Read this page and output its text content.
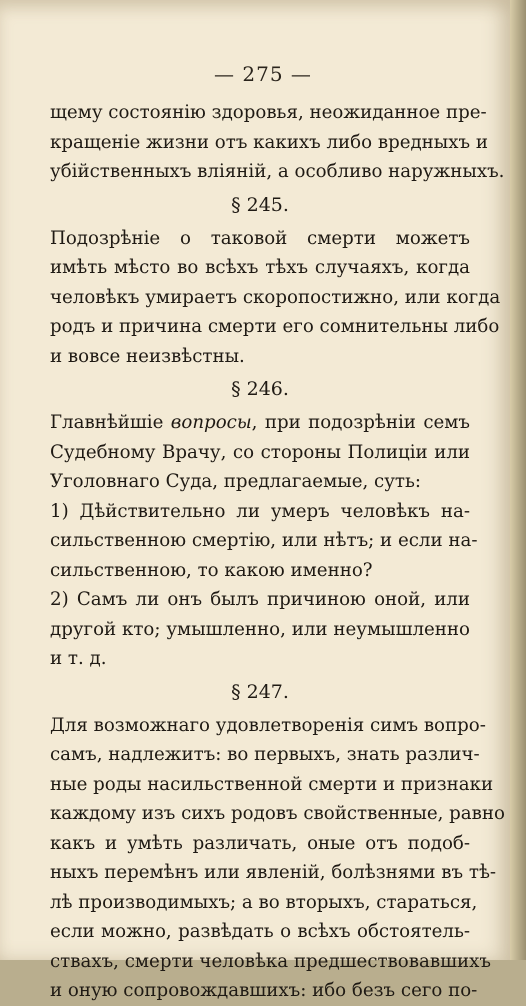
— 275 —
щему состоянію здоровья, неожиданное пре-
кращеніе жизни отъ какихъ либо вредныхъ и
убійственныхъ вліяній, а особливо наружныхъ.
§ 245.
Подозрѣніе о таковой смерти можетъ
имѣть мѣсто во всѣхъ тѣхъ случаяхъ, когда
человѣкъ умираетъ скоропостижно, или когда
родъ и причина смерти его сомнительны либо
и вовсе неизвѣстны.
§ 246.
Главнѣйшіе вопросы, при подозрѣніи семъ
Судебному Врачу, со стороны Полиціи или
Уголовнаго Суда, предлагаемые, суть:
1) Дѣйствительно ли умеръ человѣкъ на-
сильственною смертію, или нѣтъ; и если на-
сильственною, то какою именно?
2) Самъ ли онъ былъ причиною оной, или
другой кто; умышленно, или неумышленно
и т. д.
§ 247.
Для возможнаго удовлетворенія симъ вопро-
самъ, надлежитъ: во первыхъ, знать различ-
ные роды насильственной смерти и признаки
каждому изъ сихъ родовъ свойственные, равно
какъ и умѣть различать, оные отъ подоб-
ныхъ перемѣнъ или явленій, болѣзнями въ тѣ-
лѣ производимыхъ; а во вторыхъ, стараться,
если можно, развѣдать о всѣхъ обстоятель-
ствахъ, смерти человѣка предшествовавшихъ
и оную сопровождавшихъ: ибо безъ сего по-
